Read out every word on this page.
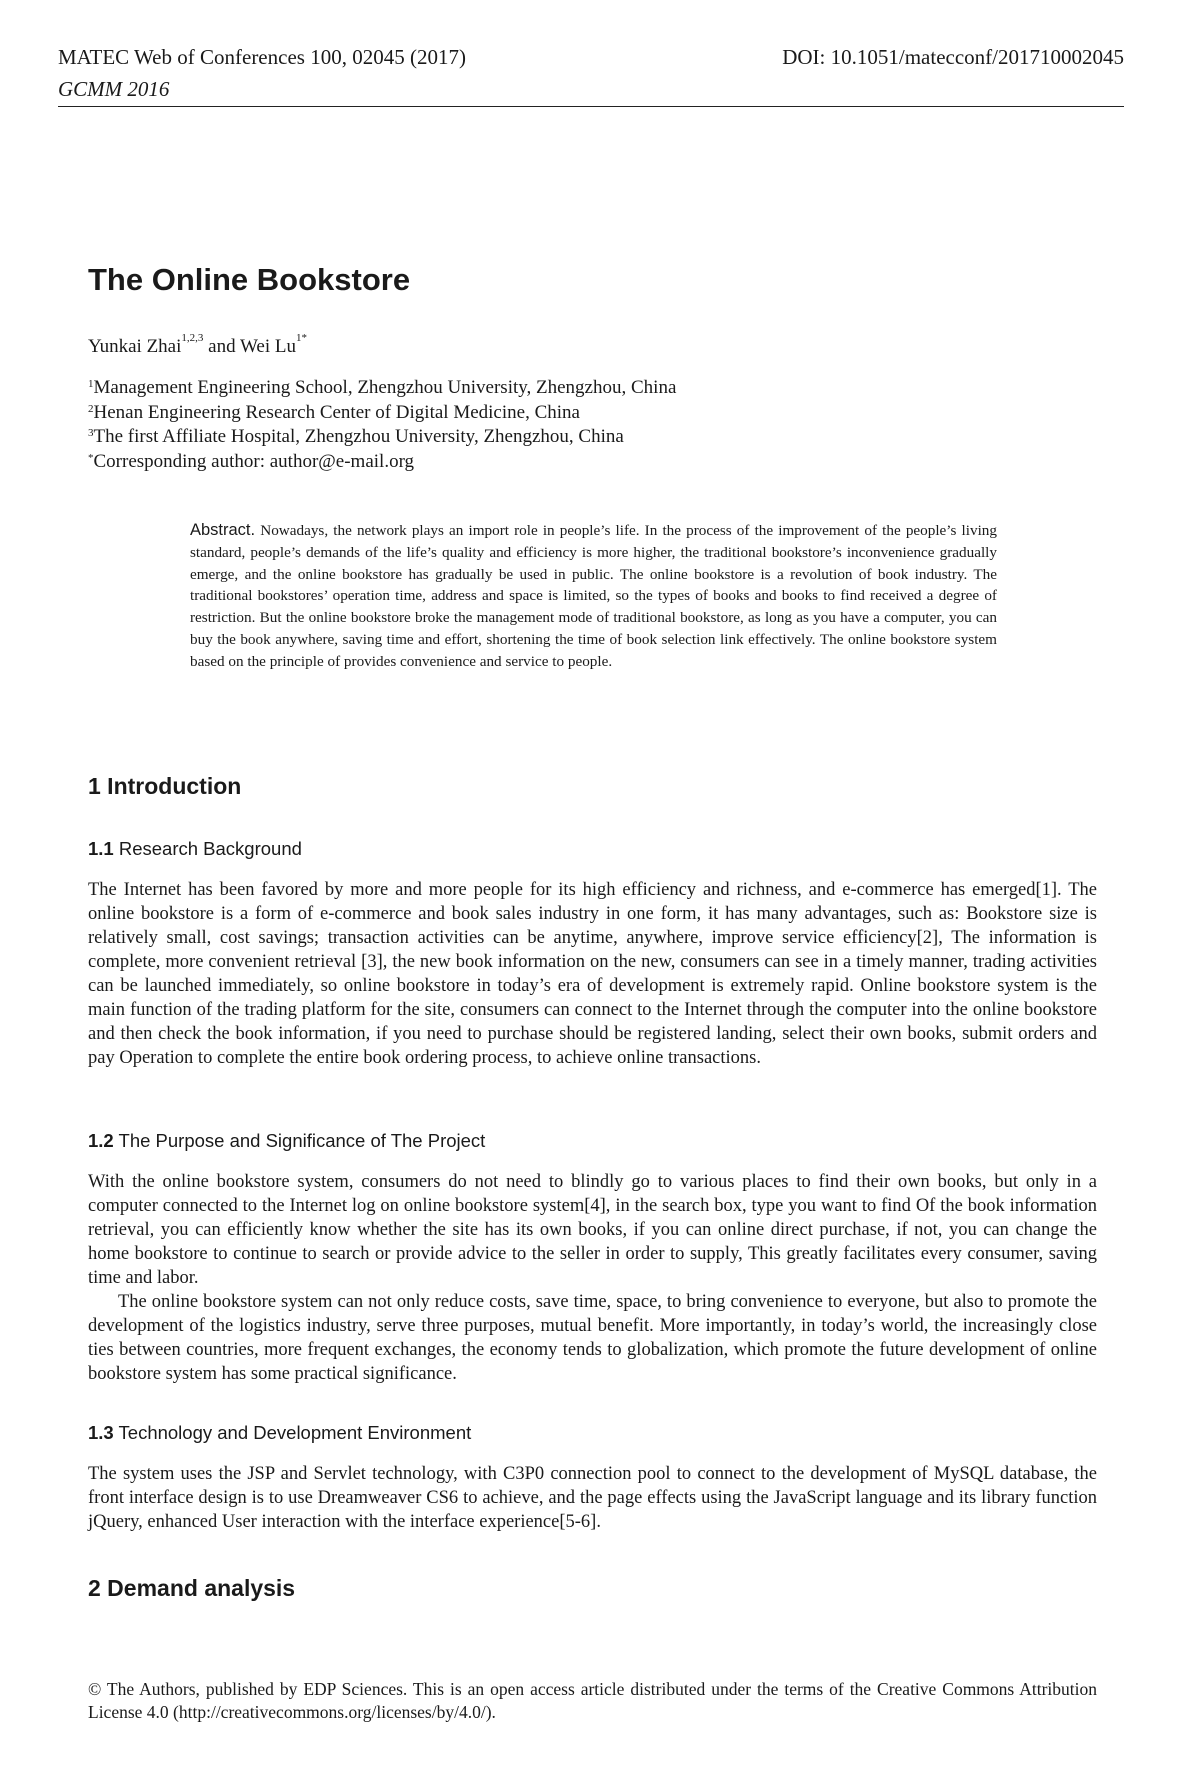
MATEC Web of Conferences 100, 02045 (2017)	DOI: 10.1051/matecconf/201710002045
GCMM 2016
The Online Bookstore
Yunkai Zhai$^{1,2,3}$ and Wei $Lu^{1*}$
$^1$Management Engineering School, Zhengzhou University, Zhengzhou, China
$^2$Henan Engineering Research Center of Digital Medicine, China
$^3$The first Affiliate Hospital, Zhengzhou University, Zhengzhou, China
*Corresponding author: author@e-mail.org
Abstract. Nowadays, the network plays an import role in people’s life. In the process of the improvement of the people’s living standard, people’s demands of the life’s quality and efficiency is more higher, the traditional bookstore’s inconvenience gradually emerge, and the online bookstore has gradually be used in public. The online bookstore is a revolution of book industry. The traditional bookstores’ operation time, address and space is limited, so the types of books and books to find received a degree of restriction. But the online bookstore broke the management mode of traditional bookstore, as long as you have a computer, you can buy the book anywhere, saving time and effort, shortening the time of book selection link effectively. The online bookstore system based on the principle of provides convenience and service to people.
1 Introduction
1.1 Research Background

The Internet has been favored by more and more people for its high efficiency and richness, and e-commerce has emerged[1]. The online bookstore is a form of e-commerce and book sales industry in one form, it has many advantages, such as: Bookstore size is relatively small, cost savings; transaction activities can be anytime, anywhere, improve service efficiency[2], The information is complete, more convenient retrieval [3], the new book information on the new, consumers can see in a timely manner, trading activities can be launched immediately, so online bookstore in today’s era of development is extremely rapid. Online bookstore system is the main function of the trading platform for the site, consumers can connect to the Internet through the computer into the online bookstore and then check the book information, if you need to purchase should be registered landing, select their own books, submit orders and pay Operation to complete the entire book ordering process, to achieve online transactions.

1.2 The Purpose and Significance of The Project

With the online bookstore system, consumers do not need to blindly go to various places to find their own books, but only in a computer connected to the Internet log on online bookstore system[4], in the search box, type you want to find Of the book information retrieval, you can efficiently know whether the site has its own books, if you can online direct purchase, if not, you can change the home bookstore to continue to search or provide advice to the seller in order to supply, This greatly facilitates every consumer, saving time and labor.

The online bookstore system can not only reduce costs, save time, space, to bring convenience to everyone, but also to promote the development of the logistics industry, serve three purposes, mutual benefit. More importantly, in today’s world, the increasingly close ties between countries, more frequent exchanges, the economy tends to globalization, which promote the future development of online bookstore system has some practical significance.

1.3 Technology and Development Environment

The system uses the JSP and Servlet technology, with C3P0 connection pool to connect to the development of MySQL database, the front interface design is to use Dreamweaver CS6 to achieve, and the page effects using the JavaScript language and its library function jQuery, enhanced User interaction with the interface experience[5-6].

2 Demand analysis
© The Authors, published by EDP Sciences. This is an open access article distributed under the terms of the Creative Commons Attribution License 4.0 (http://creativecommons.org/licenses/by/4.0/).
